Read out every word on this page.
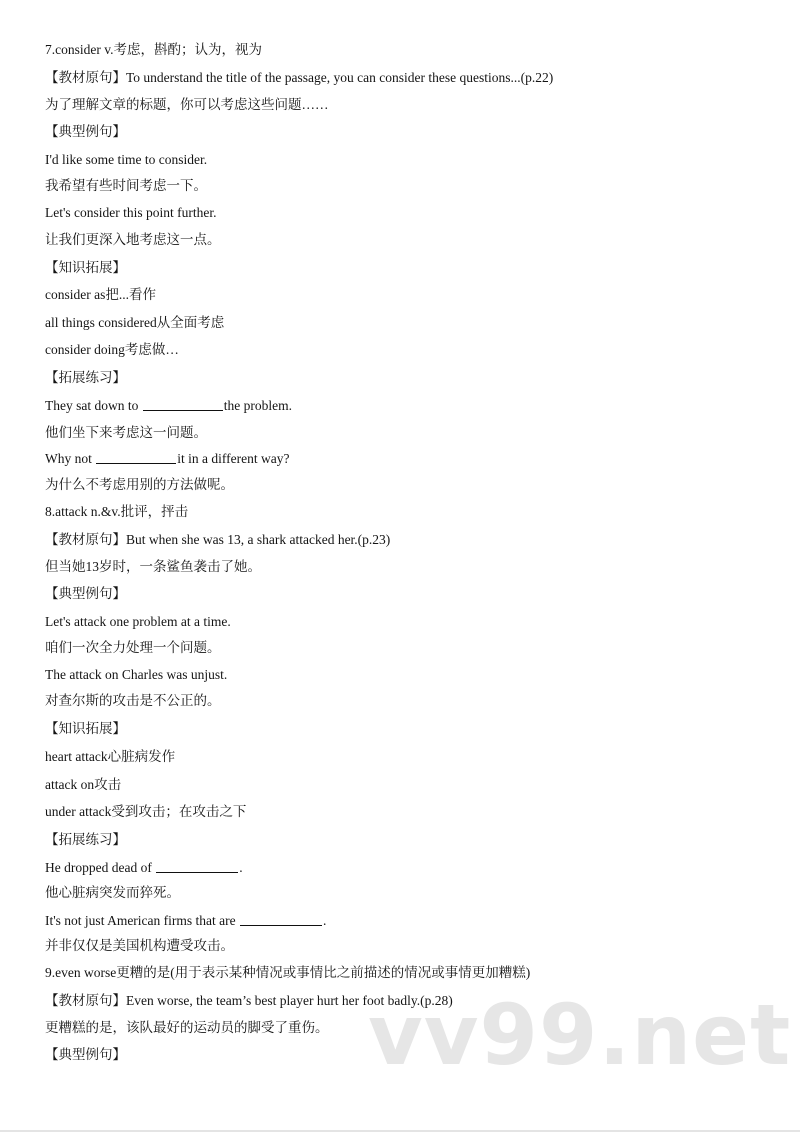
7.consider v.考虑，斟酌；认为，视为
【教材原句】To understand the title of the passage, you can consider these questions...(p.22)
为了理解文章的标题，你可以考虑这些问题……
【典型例句】
I'd like some time to consider.
我希望有些时间考虑一下。
Let's consider this point further.
让我们更深入地考虑这一点。
【知识拓展】
consider as把...看作
all things considered从全面考虑
consider doing考虑做…
【拓展练习】
They sat down to	the problem.
他们坐下来考虑这一问题。
Why not	it in a different way?
为什么不考虑用别的方法做呢。
8.attack n.&v.批评，抨击
【教材原句】But when she was 13, a shark attacked her.(p.23)
但当她13岁时，一条鲨鱼袭击了她。
【典型例句】
Let's attack one problem at a time.
咱们一次全力处理一个问题。
The attack on Charles was unjust.
对查尔斯的攻击是不公正的。
【知识拓展】
heart attack心脏病发作
attack on攻击
under attack受到攻击；在攻击之下
【拓展练习】
He dropped dead of	.
他心脏病突发而猝死。
It's not just American firms that are	.
并非仅仅是美国机构遭受攻击。
9.even worse更糟的是(用于表示某种情况或事情比之前描述的情况或事情更加糟糕)
【教材原句】Even worse, the team’s best player hurt her foot badly.(p.28)
更糟糕的是，该队最好的运动员的脚受了重伤。
【典型例句】	vv99.net
